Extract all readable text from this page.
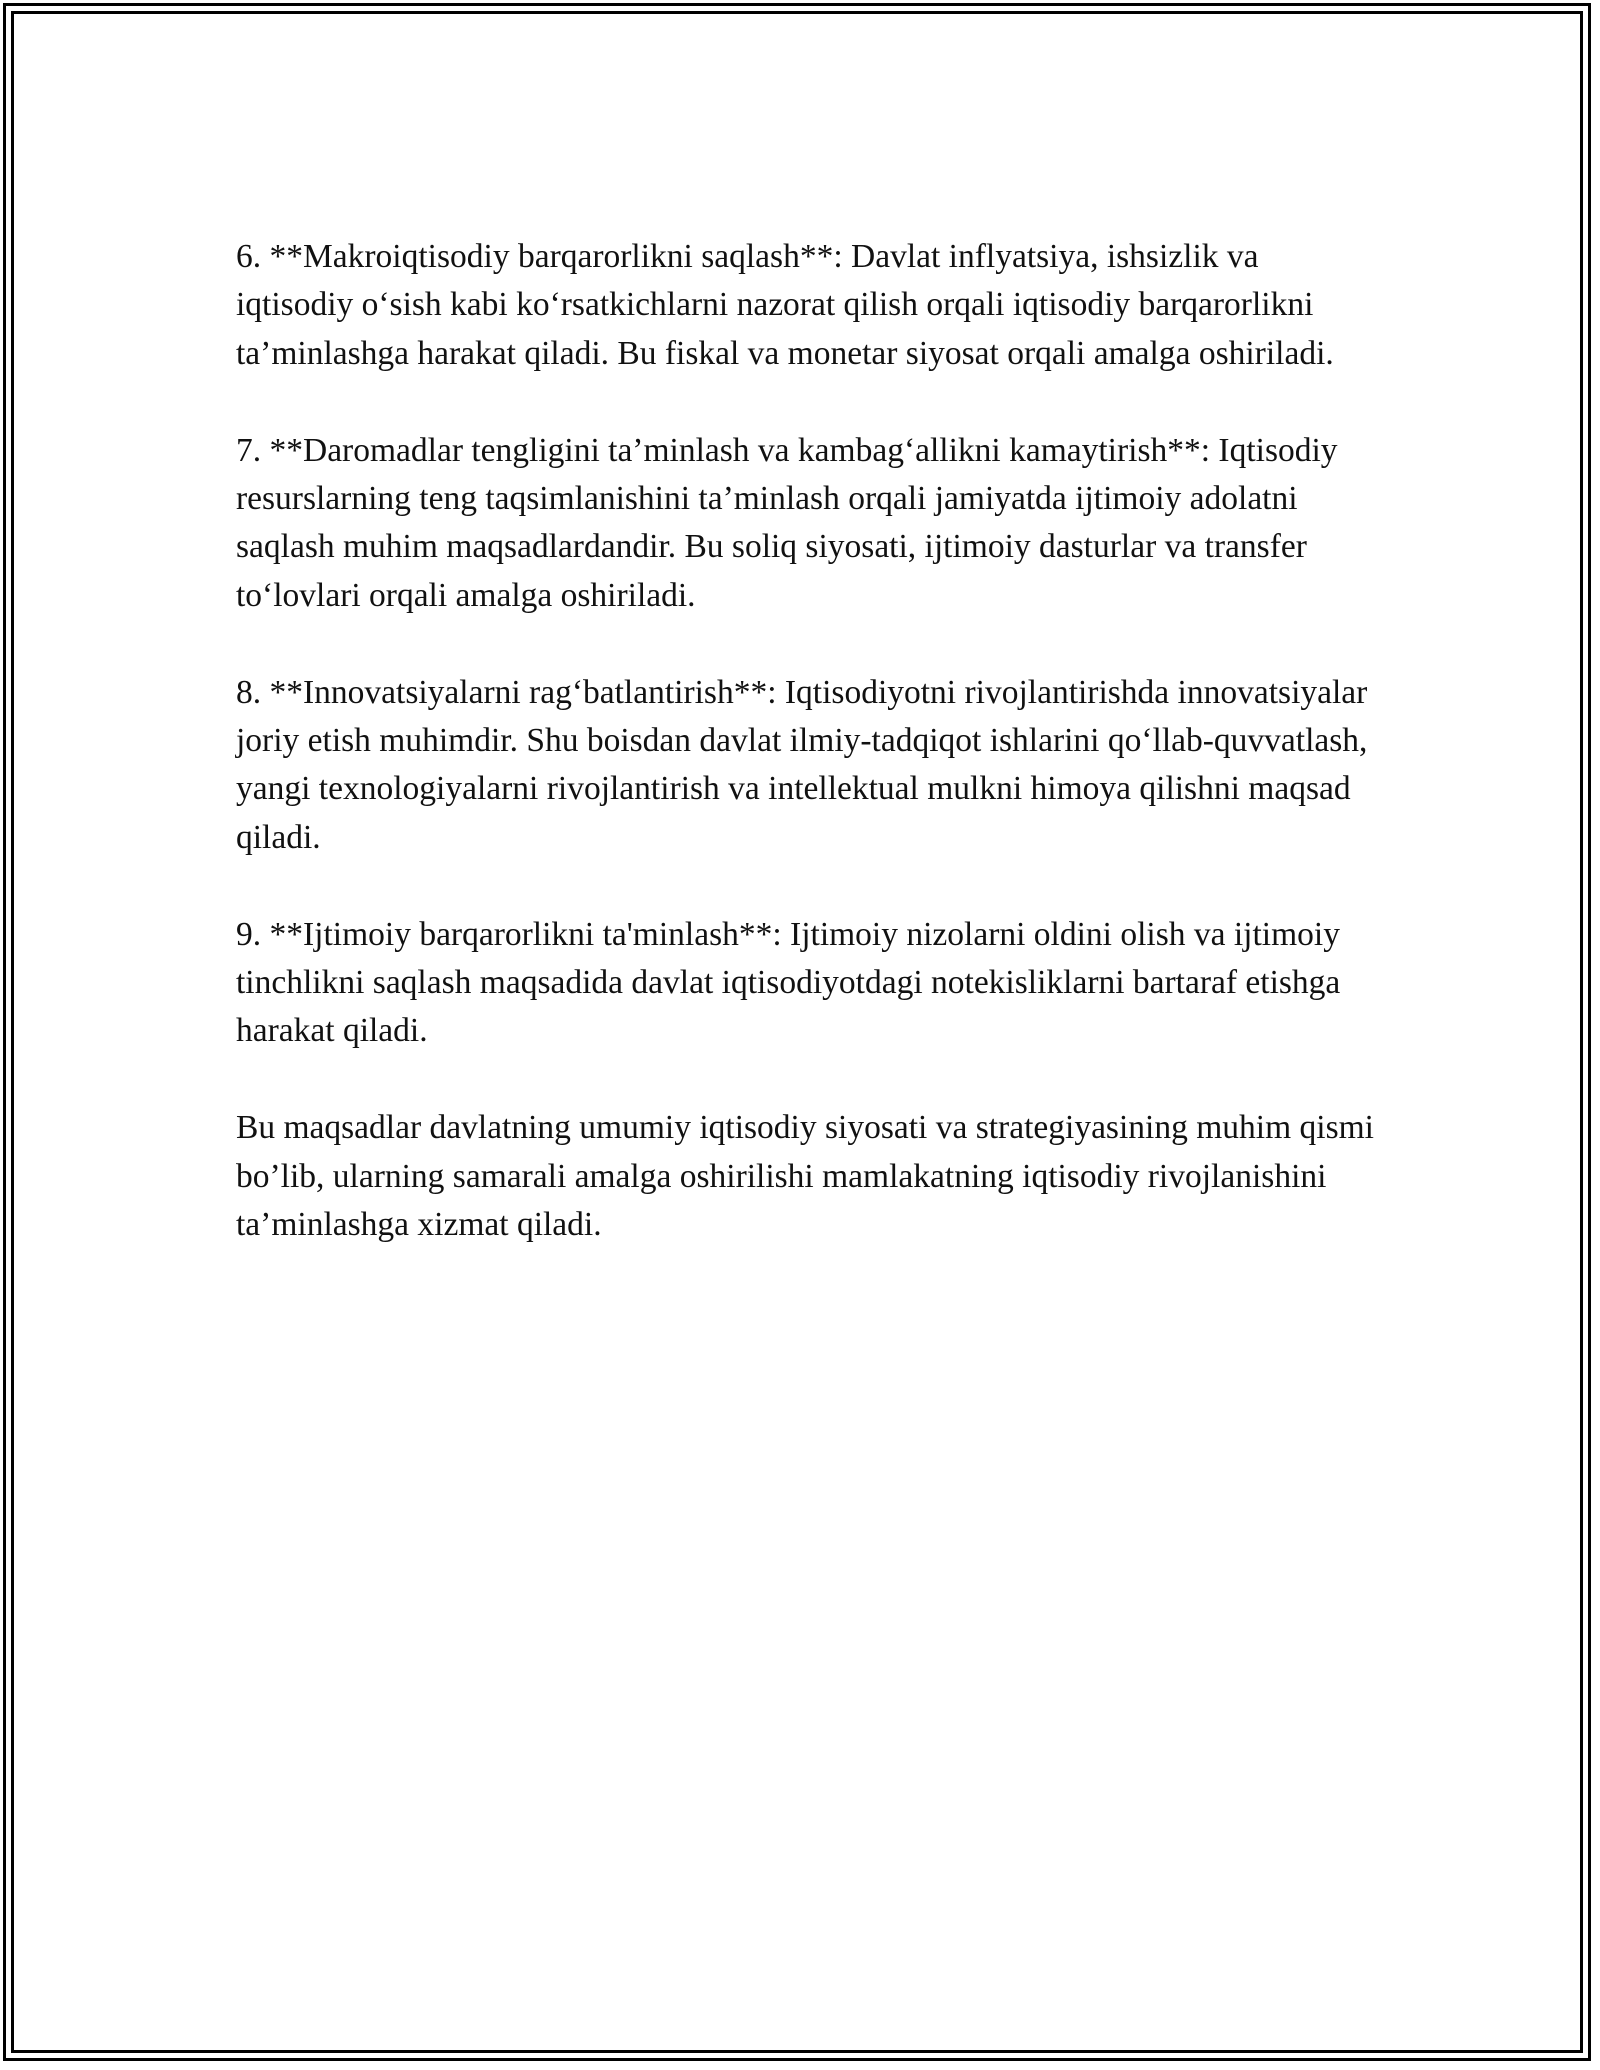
6. **Makroiqtisodiy barqarorlikni saqlash**: Davlat inflyatsiya, ishsizlik va iqtisodiy o‘sish kabi ko‘rsatkichlarni nazorat qilish orqali iqtisodiy barqarorlikni ta’minlashga harakat qiladi. Bu fiskal va monetar siyosat orqali amalga oshiriladi.

7. **Daromadlar tengligini ta’minlash va kambag‘allikni kamaytirish**: Iqtisodiy resurslarning teng taqsimlanishini ta’minlash orqali jamiyatda ijtimoiy adolatni saqlash muhim maqsadlardandir. Bu soliq siyosati, ijtimoiy dasturlar va transfer to‘lovlari orqali amalga oshiriladi.

8. **Innovatsiyalarni rag‘batlantirish**: Iqtisodiyotni rivojlantirishda innovatsiyalar joriy etish muhimdir. Shu boisdan davlat ilmiy-tadqiqot ishlarini qo‘llab-quvvatlash, yangi texnologiyalarni rivojlantirish va intellektual mulkni himoya qilishni maqsad qiladi.

9. **Ijtimoiy barqarorlikni ta'minlash**: Ijtimoiy nizolarni oldini olish va ijtimoiy tinchlikni saqlash maqsadida davlat iqtisodiyotdagi notekisliklarni bartaraf etishga harakat qiladi.

Bu maqsadlar davlatning umumiy iqtisodiy siyosati va strategiyasining muhim qismi bo’lib, ularning samarali amalga oshirilishi mamlakatning iqtisodiy rivojlanishini ta’minlashga xizmat qiladi.
